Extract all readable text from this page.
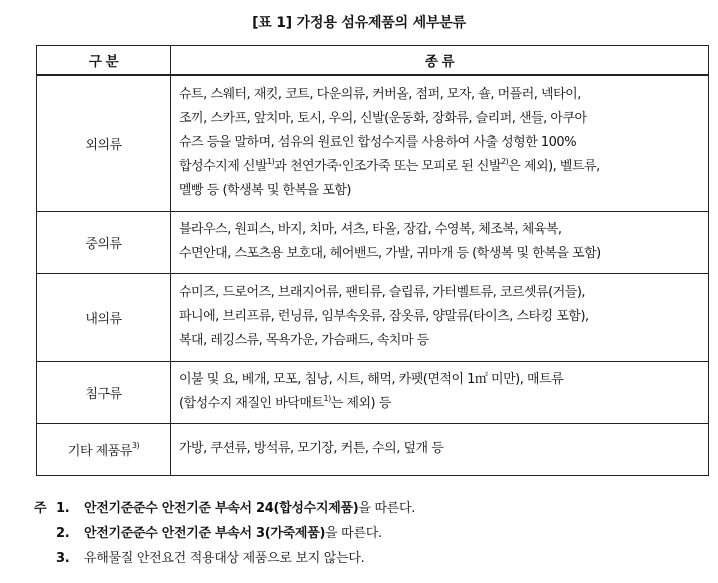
[표 1] 가정용 섬유제품의 세부분류
구 분	종 류
외의류	슈트, 스웨터, 재킷, 코트, 다운의류, 커버올, 점퍼, 모자, 숄, 머플러, 넥타이,
조끼, 스카프, 앞치마, 토시, 우의, 신발(운동화, 장화류, 슬리퍼, 샌들, 아쿠아
슈즈 등을 말하며, 섬유의 원료인 합성수지를 사용하여 사출 성형한 100%
합성수지제 신발$^{1)}$과 천연가죽·인조가죽 또는 모피로 된 신발$^{2)}$은 제외), 벨트류,
멜빵 등 (학생복 및 한복을 포함)
중의류	블라우스, 원피스, 바지, 치마, 셔츠, 타올, 장갑, 수영복, 체조복, 체육복,
수면안대, 스포츠용 보호대, 헤어밴드, 가발, 귀마개 등 (학생복 및 한복을 포함)
내의류	슈미즈, 드로어즈, 브래지어류, 팬티류, 슬립류, 가터벨트류, 코르셋류(거들),
파니에, 브리프류, 런닝류, 임부속옷류, 잠옷류, 양말류(타이츠, 스타킹 포함),
복대, 레깅스류, 목욕가운, 가슴패드, 속치마 등
침구류	이불 및 요, 베개, 모포, 침낭, 시트, 해먹, 카펫(면적이 1㎡ 미만), 매트류
(합성수지 재질인 바닥매트$^{1)}$는 제외) 등
기타 제품류$^{3)}$	가방, 쿠션류, 방석류, 모기장, 커튼, 수의, 덮개 등
주 1. 안전기준준수 안전기준 부속서 24(합성수지제품)을 따른다.
2. 안전기준준수 안전기준 부속서 3(가죽제품)을 따른다.
3. 유해물질 안전요건 적용대상 제품으로 보지 않는다.
